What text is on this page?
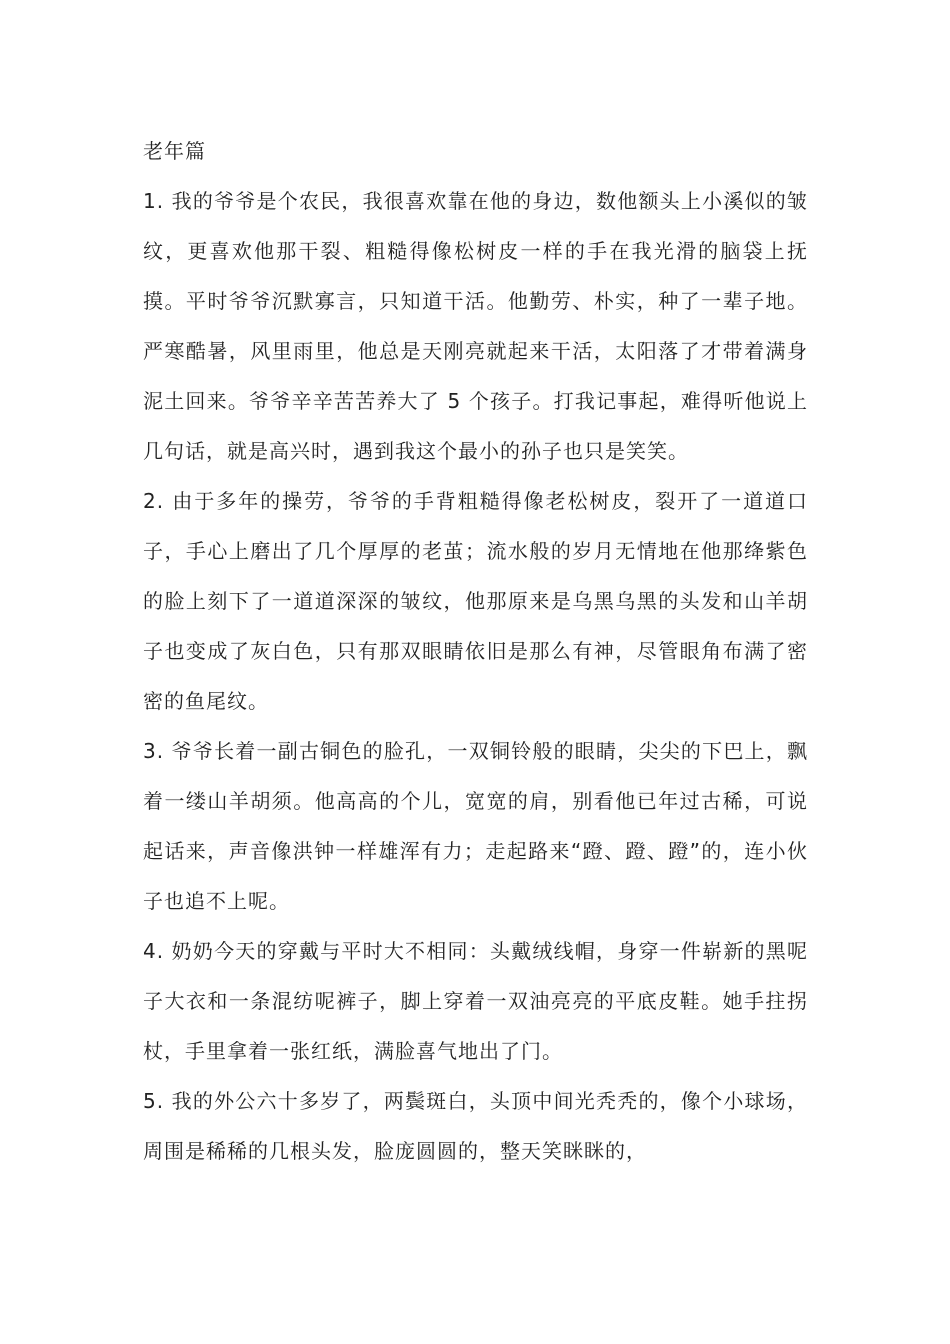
老年篇

1. 我的爷爷是个农民，我很喜欢靠在他的身边，数他额头上小溪似的皱纹，更喜欢他那干裂、粗糙得像松树皮一样的手在我光滑的脑袋上抚摸。平时爷爷沉默寡言，只知道干活。他勤劳、朴实，种了一辈子地。严寒酷暑，风里雨里，他总是天刚亮就起来干活，太阳落了才带着满身泥土回来。爷爷辛辛苦苦养大了 5 个孩子。打我记事起，难得听他说上几句话，就是高兴时，遇到我这个最小的孙子也只是笑笑。

2. 由于多年的操劳，爷爷的手背粗糙得像老松树皮，裂开了一道道口子，手心上磨出了几个厚厚的老茧；流水般的岁月无情地在他那绛紫色的脸上刻下了一道道深深的皱纹，他那原来是乌黑乌黑的头发和山羊胡子也变成了灰白色，只有那双眼睛依旧是那么有神，尽管眼角布满了密密的鱼尾纹。

3. 爷爷长着一副古铜色的脸孔，一双铜铃般的眼睛，尖尖的下巴上，飘着一缕山羊胡须。他高高的个儿，宽宽的肩，别看他已年过古稀，可说起话来，声音像洪钟一样雄浑有力；走起路来“蹬、蹬、蹬”的，连小伙子也追不上呢。

4. 奶奶今天的穿戴与平时大不相同：头戴绒线帽，身穿一件崭新的黑呢子大衣和一条混纺呢裤子，脚上穿着一双油亮亮的平底皮鞋。她手拄拐杖，手里拿着一张红纸，满脸喜气地出了门。

5. 我的外公六十多岁了，两鬓斑白，头顶中间光秃秃的，像个小球场，周围是稀稀的几根头发，脸庞圆圆的，整天笑眯眯的，
